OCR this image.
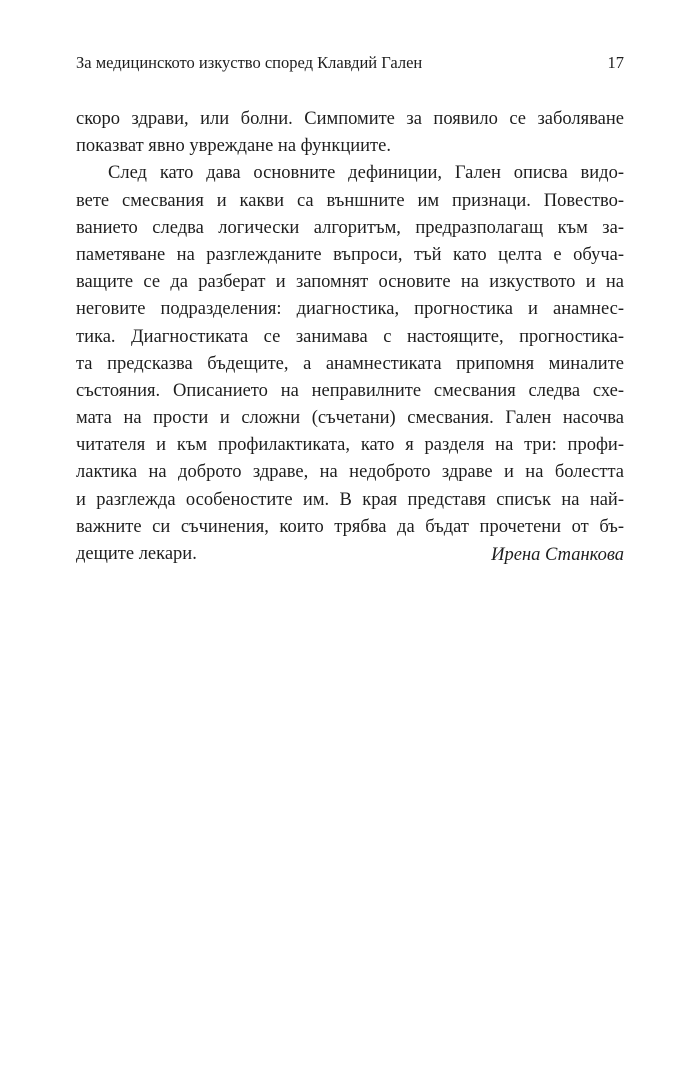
За медицинското изкуство според Клавдий Гален	17
скоро здрави, или болни. Симпомите за появило се заболяване
показват явно увреждане на функциите.
След като дава основните дефиниции, Гален описва видо-
вете смесвания и какви са външните им признаци. Повество-
ванието следва логически алгоритъм, предразполагащ към за-
паметяване на разглежданите въпроси, тъй като целта е обуча-
ващите се да разберат и запомнят основите на изкуството и на
неговите подразделения: диагностика, прогностика и анамнес-
тика. Диагностиката се занимава с настоящите, прогностика-
та предсказва бъдещите, а анамнестиката припомня миналите
състояния. Описанието на неправилните смесвания следва схе-
мата на прости и сложни (съчетани) смесвания. Гален насочва
читателя и към профилактиката, като я разделя на три: профи-
лактика на доброто здраве, на недоброто здраве и на болестта
и разглежда особеностите им. В края представя списък на най-
важните си съчинения, които трябва да бъдат прочетени от бъ-
дещите лекари.	Ирена Станкова
